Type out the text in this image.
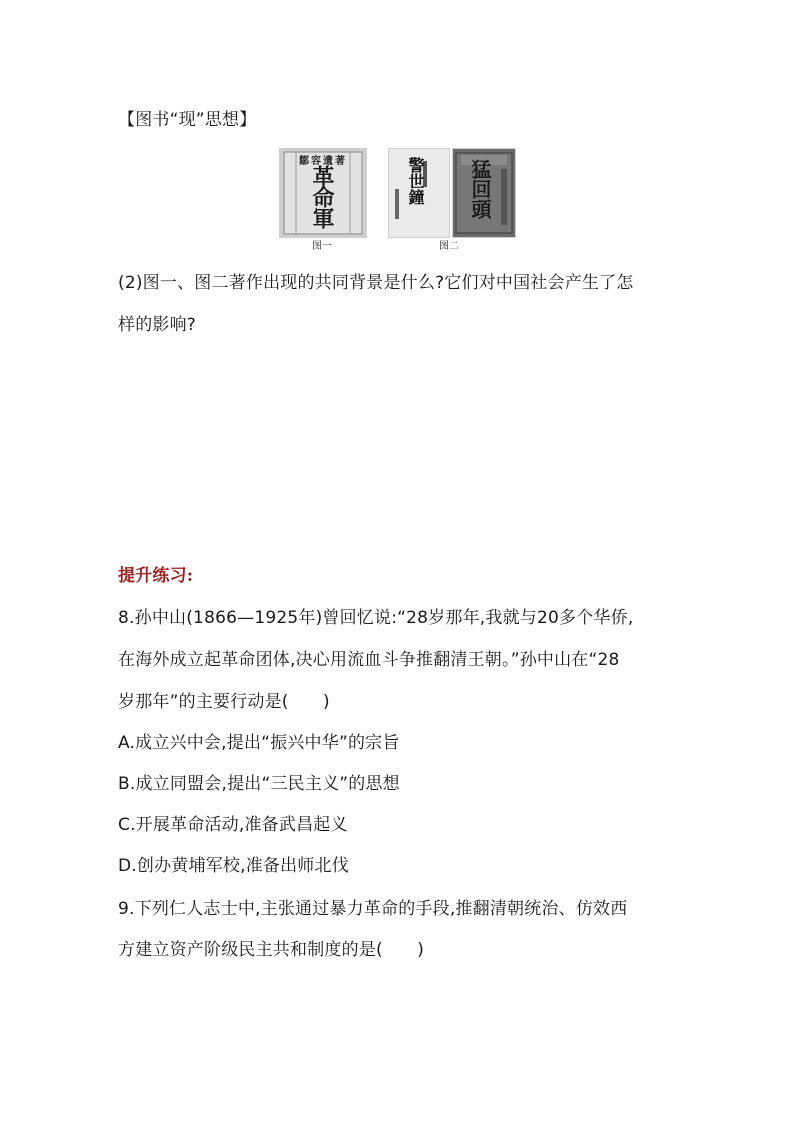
【图书“现”思想】
鄒容遺著
革命軍
图一
警世鐘 猛回頭
图二
(2)图一、图二著作出现的共同背景是什么?它们对中国社会产生了怎
样的影响?
提升练习:
8.孙中山(1866—1925年)曾回忆说:“28岁那年,我就与20多个华侨,
在海外成立起革命团体,决心用流血斗争推翻清王朝。”孙中山在“28
岁那年”的主要行动是(　　)
A.成立兴中会,提出“振兴中华”的宗旨
B.成立同盟会,提出“三民主义”的思想
C.开展革命活动,准备武昌起义
D.创办黄埔军校,准备出师北伐
9.下列仁人志士中,主张通过暴力革命的手段,推翻清朝统治、仿效西
方建立资产阶级民主共和制度的是(　　)
